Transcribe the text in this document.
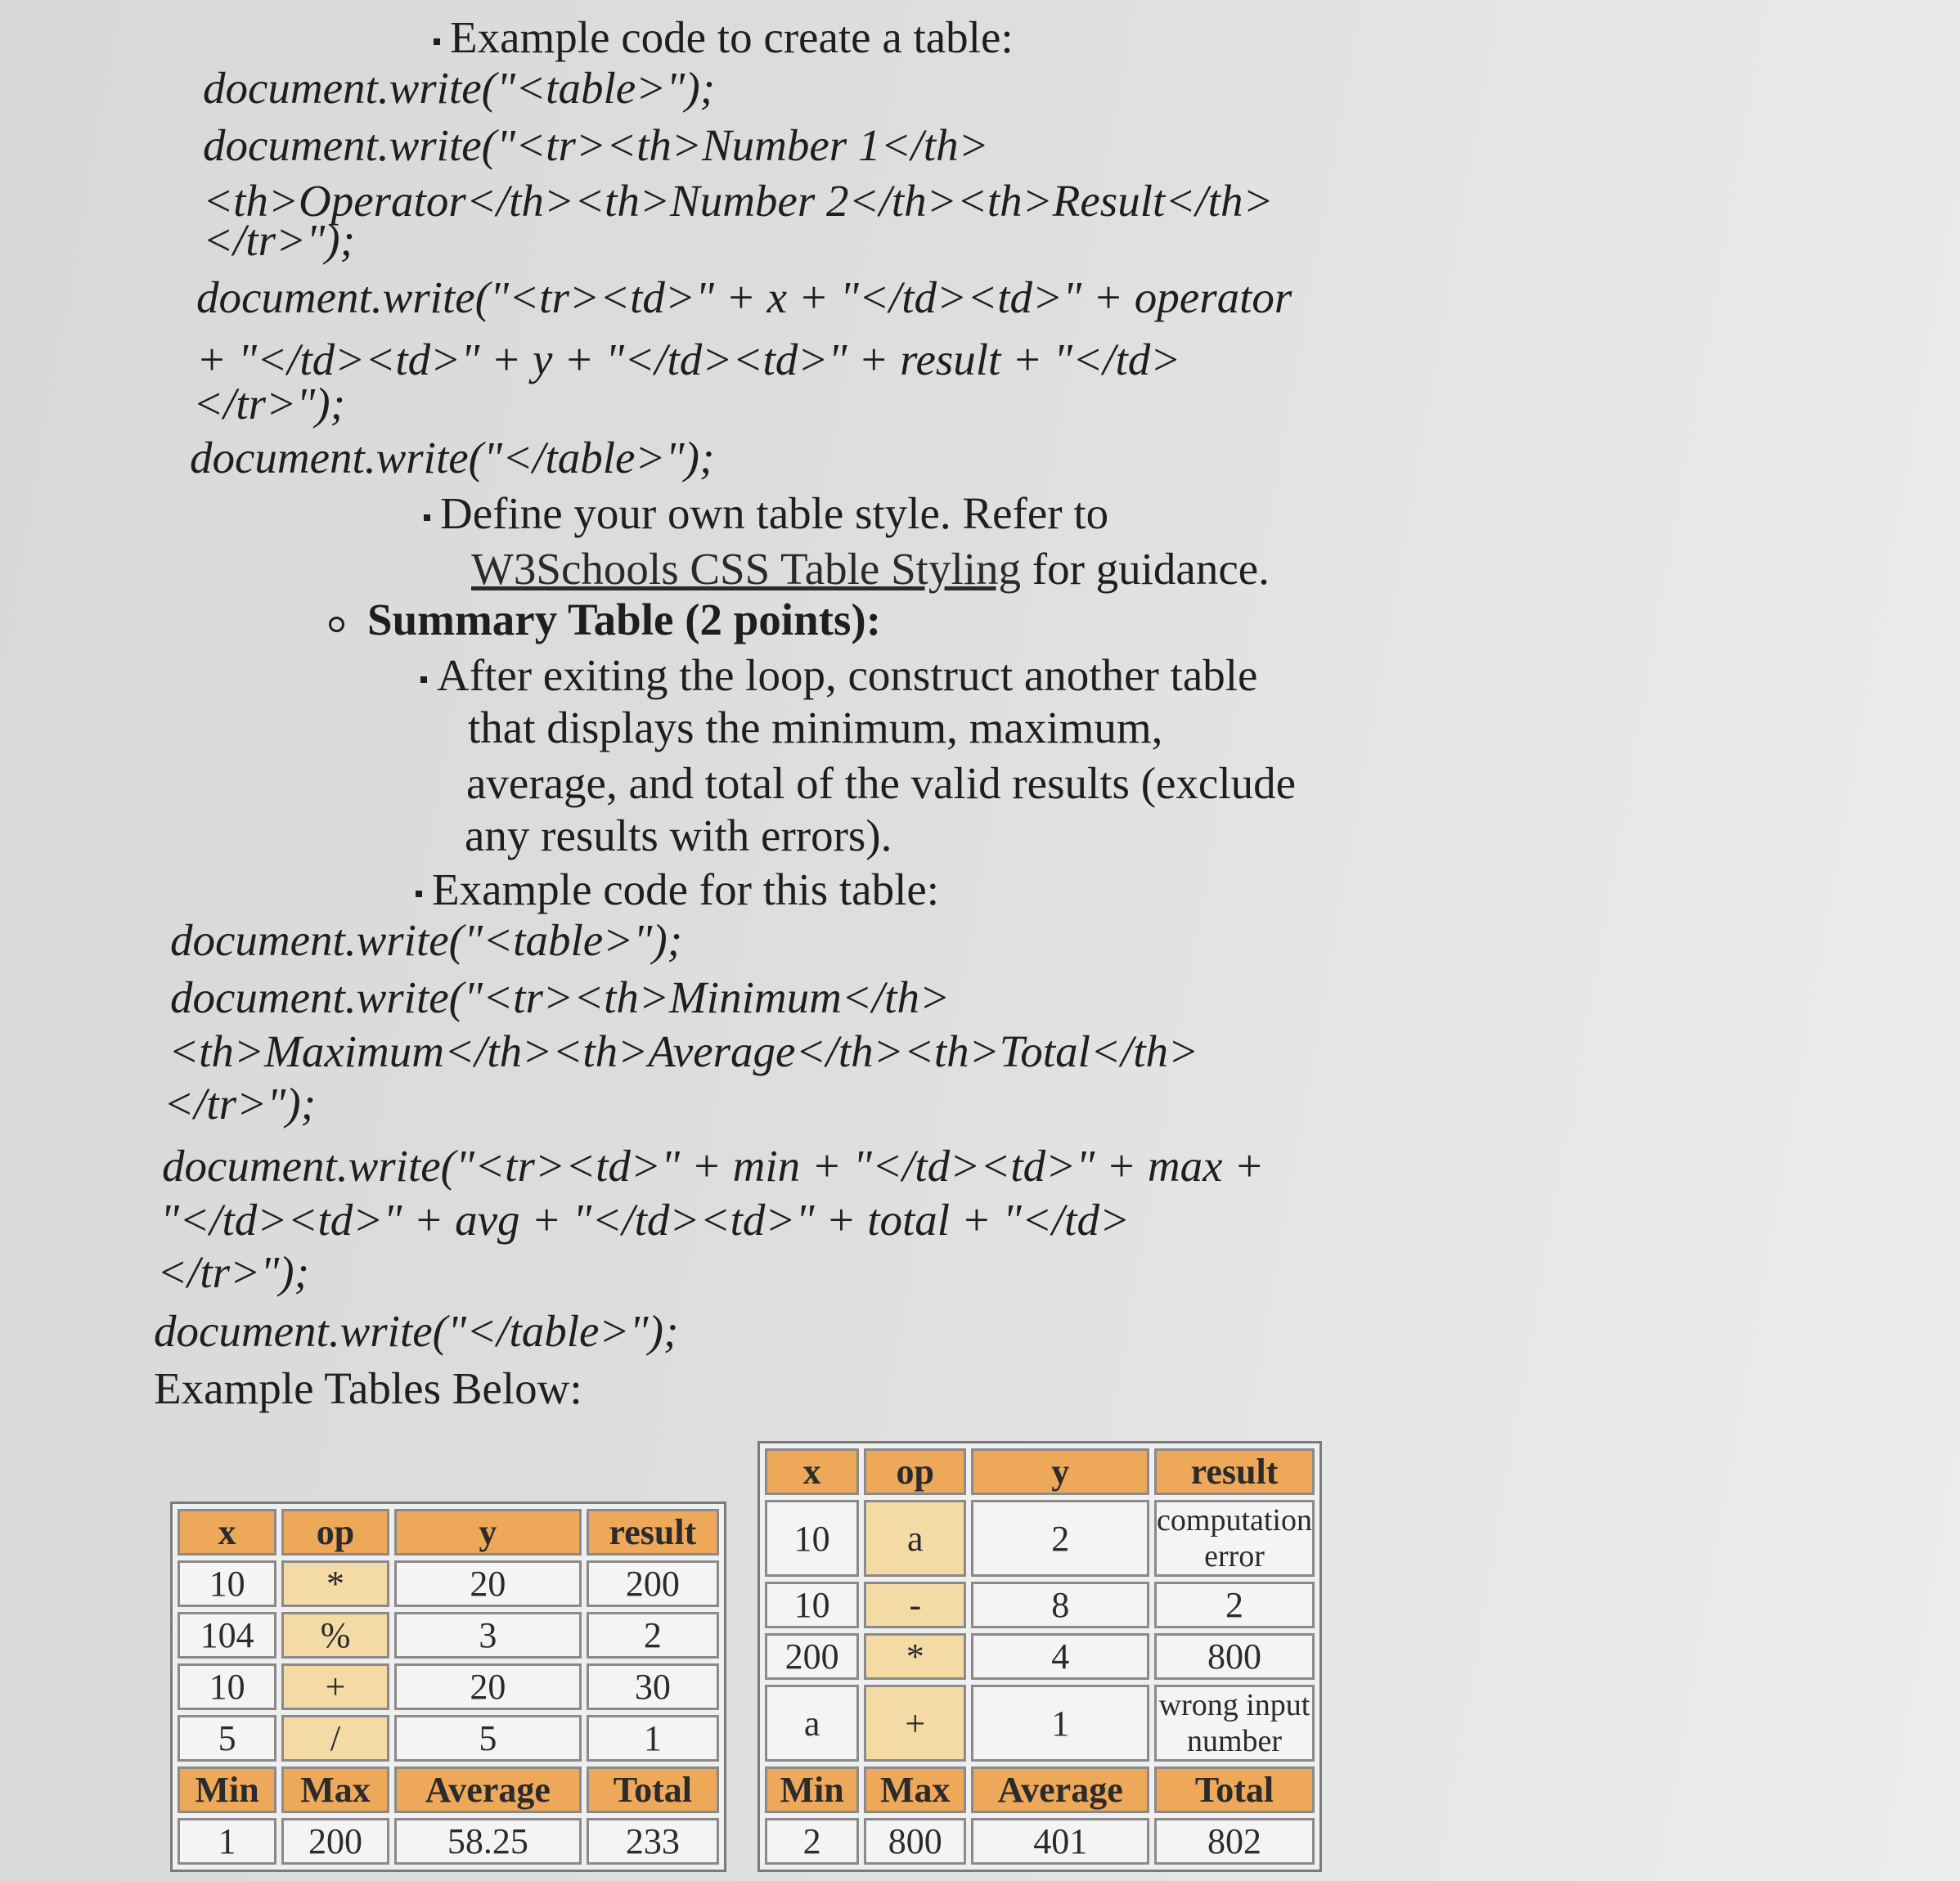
Example code to create a table:
document.write("<table>");
document.write("<tr><th>Number 1</th>
<th>Operator</th><th>Number 2</th><th>Result</th>
</tr>");
document.write("<tr><td>" + x + "</td><td>" + operator
+ "</td><td>" + y + "</td><td>" + result + "</td>
</tr>");
document.write("</table>");
Define your own table style. Refer to
W3Schools CSS Table Styling for guidance.
Summary Table (2 points):
After exiting the loop, construct another table
that displays the minimum, maximum,
average, and total of the valid results (exclude
any results with errors).
Example code for this table:
document.write("<table>");
document.write("<tr><th>Minimum</th>
<th>Maximum</th><th>Average</th><th>Total</th>
</tr>");
document.write("<tr><td>" + min + "</td><td>" + max +
"</td><td>" + avg + "</td><td>" + total + "</td>
</tr>");
document.write("</table>");
Example Tables Below:
x	op	y	result
10	*	20	200
104	%	3	2
10	+	20	30
5	/	5	1
Min	Max	Average	Total
1	200	58.25	233
x	op	y	result
10	a	2	computation error
10	-	8	2
200	*	4	800
a	+	1	wrong input number
Min	Max	Average	Total
2	800	401	802
